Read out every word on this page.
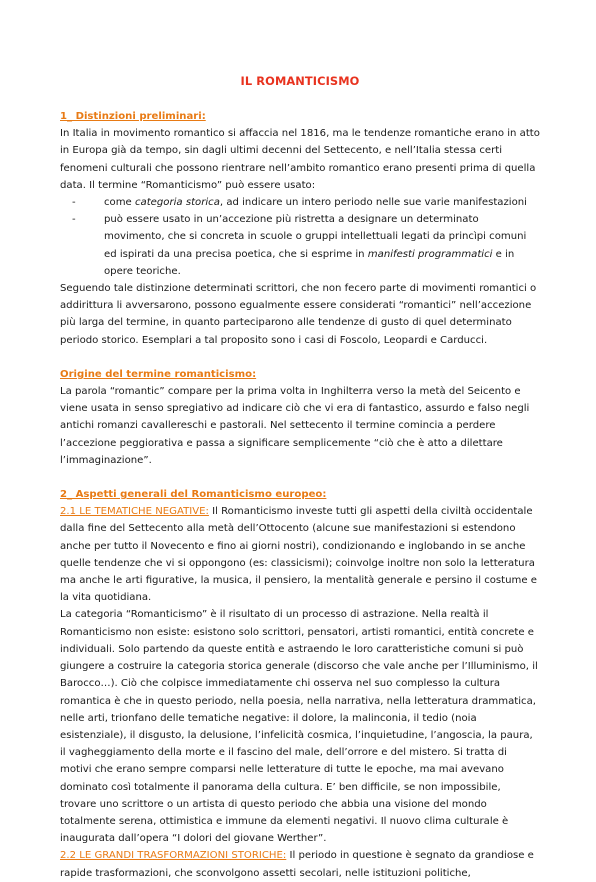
IL ROMANTICISMO
1_ Distinzioni preliminari:

In Italia in movimento romantico si affaccia nel 1816, ma le tendenze romantiche erano in atto in Europa già da tempo, sin dagli ultimi decenni del Settecento, e nell’Italia stessa certi fenomeni culturali che possono rientrare nell’ambito romantico erano presenti prima di quella data. Il termine “Romanticismo” può essere usato:

- come categoria storica, ad indicare un intero periodo nelle sue varie manifestazioni
- può essere usato in un’accezione più ristretta a designare un determinato movimento, che si concreta in scuole o gruppi intellettuali legati da princìpi comuni ed ispirati da una precisa poetica, che si esprime in manifesti programmatici e in opere teoriche.

Seguendo tale distinzione determinati scrittori, che non fecero parte di movimenti romantici o addirittura li avversarono, possono egualmente essere considerati “romantici” nell’accezione più larga del termine, in quanto parteciparono alle tendenze di gusto di quel determinato periodo storico. Esemplari a tal proposito sono i casi di Foscolo, Leopardi e Carducci.

Origine del termine romanticismo:

La parola “romantic” compare per la prima volta in Inghilterra verso la metà del Seicento e viene usata in senso spregiativo ad indicare ciò che vi era di fantastico, assurdo e falso negli antichi romanzi cavallereschi e pastorali. Nel settecento il termine comincia a perdere l’accezione peggiorativa e passa a significare semplicemente “ciò che è atto a dilettare l’immaginazione”.

2_ Aspetti generali del Romanticismo europeo:

2.1 LE TEMATICHE NEGATIVE: Il Romanticismo investe tutti gli aspetti della civiltà occidentale dalla fine del Settecento alla metà dell’Ottocento (alcune sue manifestazioni si estendono anche per tutto il Novecento e fino ai giorni nostri), condizionando e inglobando in se anche quelle tendenze che vi si oppongono (es: classicismi); coinvolge inoltre non solo la letteratura ma anche le arti figurative, la musica, il pensiero, la mentalità generale e persino il costume e la vita quotidiana.

La categoria “Romanticismo” è il risultato di un processo di astrazione. Nella realtà il Romanticismo non esiste: esistono solo scrittori, pensatori, artisti romantici, entità concrete e individuali. Solo partendo da queste entità e astraendo le loro caratteristiche comuni si può giungere a costruire la categoria storica generale (discorso che vale anche per l’Illuminismo, il Barocco…). Ciò che colpisce immediatamente chi osserva nel suo complesso la cultura romantica è che in questo periodo, nella poesia, nella narrativa, nella letteratura drammatica, nelle arti, trionfano delle tematiche negative: il dolore, la malinconia, il tedio (noia esistenziale), il disgusto, la delusione, l’infelicità cosmica, l’inquietudine, l’angoscia, la paura, il vagheggiamento della morte e il fascino del male, dell’orrore e del mistero. Si tratta di motivi che erano sempre comparsi nelle letterature di tutte le epoche, ma mai avevano dominato così totalmente il panorama della cultura. E’ ben difficile, se non impossibile, trovare uno scrittore o un artista di questo periodo che abbia una visione del mondo totalmente serena, ottimistica e immune da elementi negativi. Il nuovo clima culturale è inaugurata dall’opera “I dolori del giovane Werther”.

2.2 LE GRANDI TRASFORMAZIONI STORICHE: Il periodo in questione è segnato da grandiose e rapide trasformazioni, che sconvolgono assetti secolari, nelle istituzioni politiche,
